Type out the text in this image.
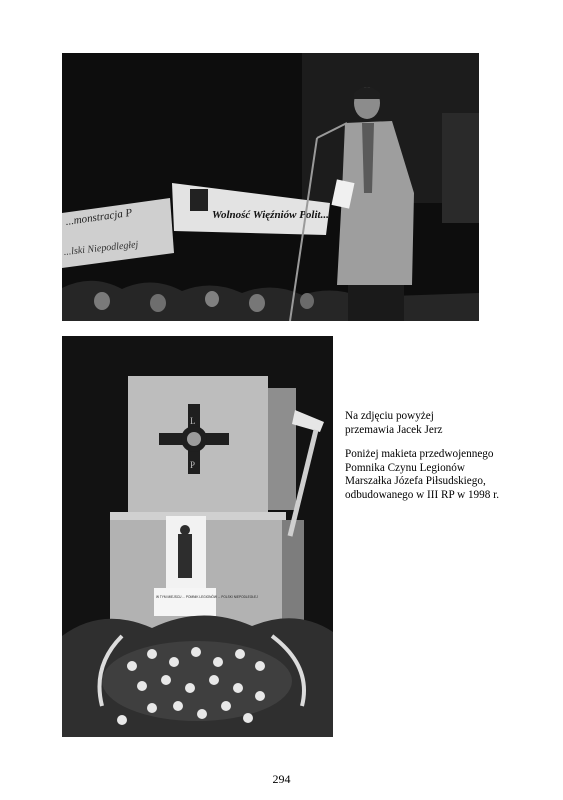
...monstracja P
...lski Niepodległej
Wolność Więźniów Polit...
L
P
W TYM MIEJSCU ... POMNIK LEGIONÓW ... POLSKI NIEPODLEGŁEJ
Na zdjęciu powyżej
przemawia Jacek Jerz
Poniżej makieta przedwojennego
Pomnika Czynu Legionów
Marszałka Józefa Piłsudskiego,
odbudowanego w III RP w 1998 r.
294
